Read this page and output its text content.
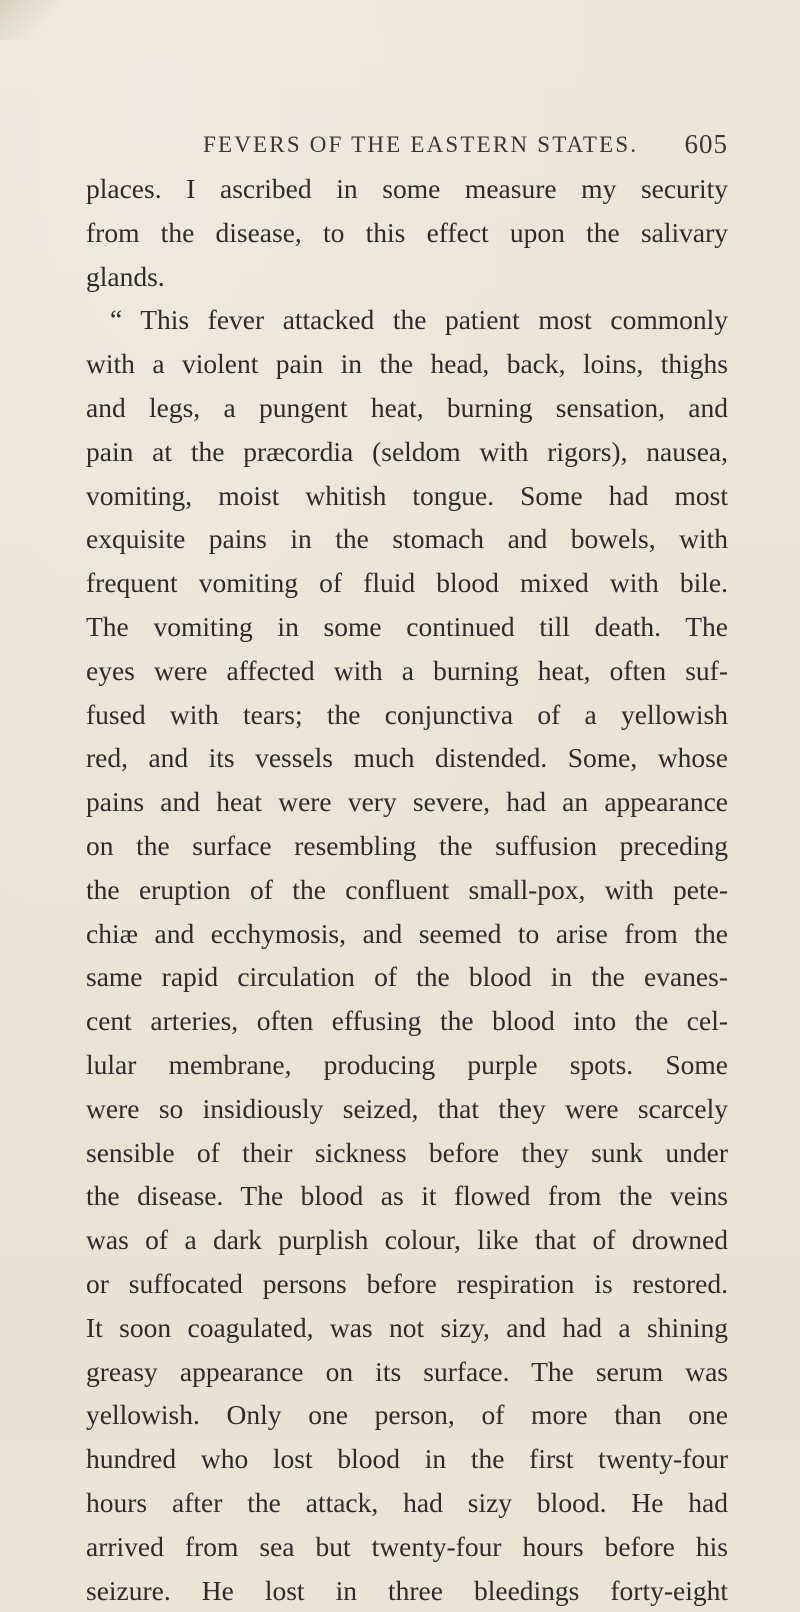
FEVERS OF THE EASTERN STATES. 605
places. I ascribed in some measure my security
from the disease, to this effect upon the salivary
glands.
“ This fever attacked the patient most commonly
with a violent pain in the head, back, loins, thighs
and legs, a pungent heat, burning sensation, and
pain at the præcordia (seldom with rigors), nausea,
vomiting, moist whitish tongue. Some had most
exquisite pains in the stomach and bowels, with
frequent vomiting of fluid blood mixed with bile.
The vomiting in some continued till death. The
eyes were affected with a burning heat, often suf-
fused with tears; the conjunctiva of a yellowish
red, and its vessels much distended. Some, whose
pains and heat were very severe, had an appearance
on the surface resembling the suffusion preceding
the eruption of the confluent small-pox, with pete-
chiæ and ecchymosis, and seemed to arise from the
same rapid circulation of the blood in the evanes-
cent arteries, often effusing the blood into the cel-
lular membrane, producing purple spots. Some
were so insidiously seized, that they were scarcely
sensible of their sickness before they sunk under
the disease. The blood as it flowed from the veins
was of a dark purplish colour, like that of drowned
or suffocated persons before respiration is restored.
It soon coagulated, was not sizy, and had a shining
greasy appearance on its surface. The serum was
yellowish. Only one person, of more than one
hundred who lost blood in the first twenty-four
hours after the attack, had sizy blood. He had
arrived from sea but twenty-four hours before his
seizure. He lost in three bleedings forty-eight
